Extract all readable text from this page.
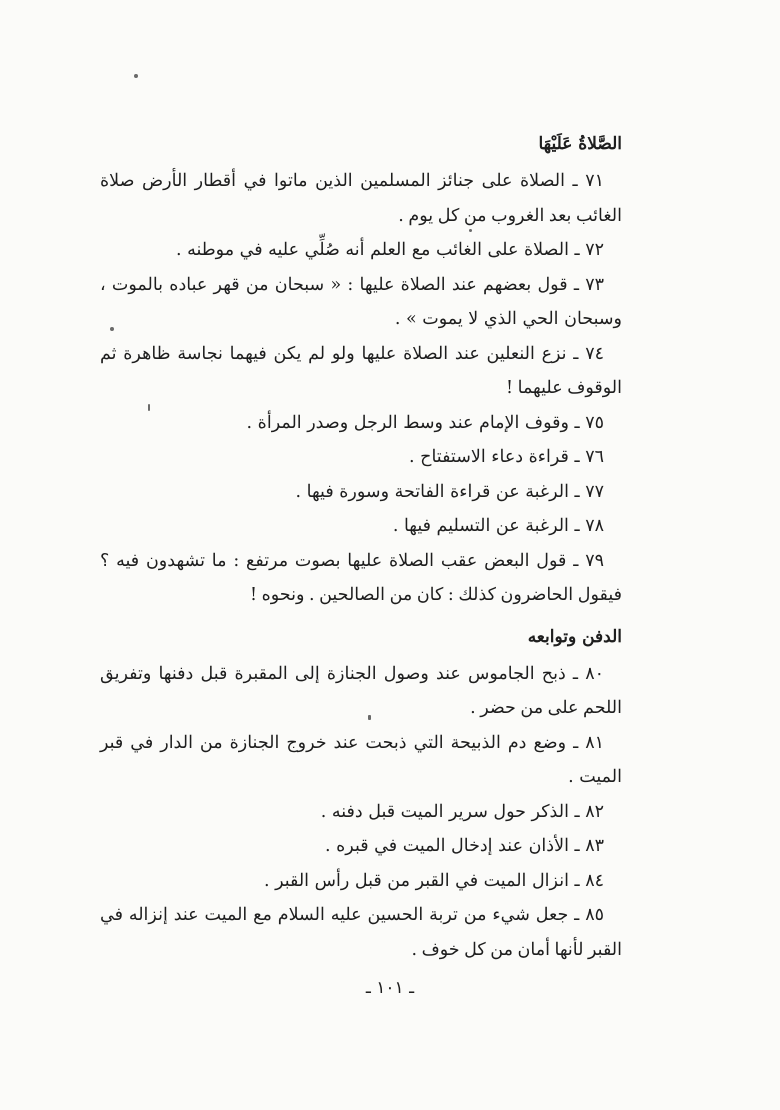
الصَّلاةُ عَلَيْهَا

٧١ ـ الصلاة على جنائز المسلمين الذين ماتوا في أقطار الأرض صلاة الغائب بعد الغروب من كل يوم .

٧٢ ـ الصلاة على الغائب مع العلم أنه صُلِّي عليه في موطنه .

٧٣ ـ قول بعضهم عند الصلاة عليها : « سبحان من قهر عباده بالموت ، وسبحان الحي الذي لا يموت » .

٧٤ ـ نزع النعلين عند الصلاة عليها ولو لم يكن فيهما نجاسة ظاهرة ثم الوقوف عليهما !

٧٥ ـ وقوف الإمام عند وسط الرجل وصدر المرأة .

٧٦ ـ قراءة دعاء الاستفتاح .

٧٧ ـ الرغبة عن قراءة الفاتحة وسورة فيها .

٧٨ ـ الرغبة عن التسليم فيها .

٧٩ ـ قول البعض عقب الصلاة عليها بصوت مرتفع : ما تشهدون فيه ؟ فيقول الحاضرون كذلك : كان من الصالحين . ونحوه !

الدفن وتوابعه

٨٠ ـ ذبح الجاموس عند وصول الجنازة إلى المقبرة قبل دفنها وتفريق اللحم على من حضر .

٨١ ـ وضع دم الذبيحة التي ذبحت عند خروج الجنازة من الدار في قبر الميت .

٨٢ ـ الذكر حول سرير الميت قبل دفنه .

٨٣ ـ الأذان عند إدخال الميت في قبره .

٨٤ ـ انزال الميت في القبر من قبل رأس القبر .

٨٥ ـ جعل شيء من تربة الحسين عليه السلام مع الميت عند إنزاله في القبر لأنها أمان من كل خوف .

ـ ١٠١ ـ
